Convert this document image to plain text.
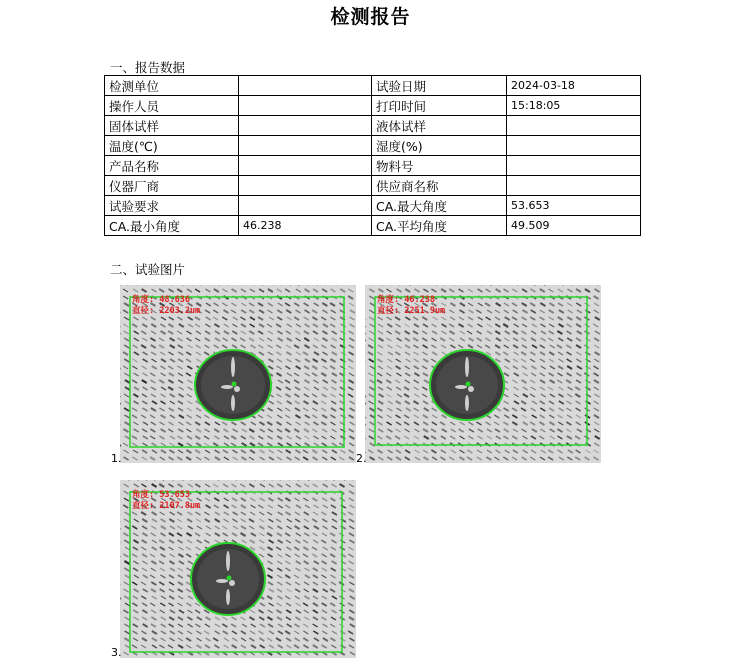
检测报告
一、报告数据
检测单位		试验日期	2024-03-18
操作人员		打印时间	15:18:05
固体试样		液体试样	
温度(℃)		湿度(%)	
产品名称		物料号	
仪器厂商		供应商名称	
试验要求		CA.最大角度	53.653
CA.最小角度	46.238	CA.平均角度	49.509
二、试验图片
1.
角度: 48.636
直径: 2203.2um
2.
角度: 46.238
直径: 2251.9um
3.
角度: 53.653
直径: 2107.8um
